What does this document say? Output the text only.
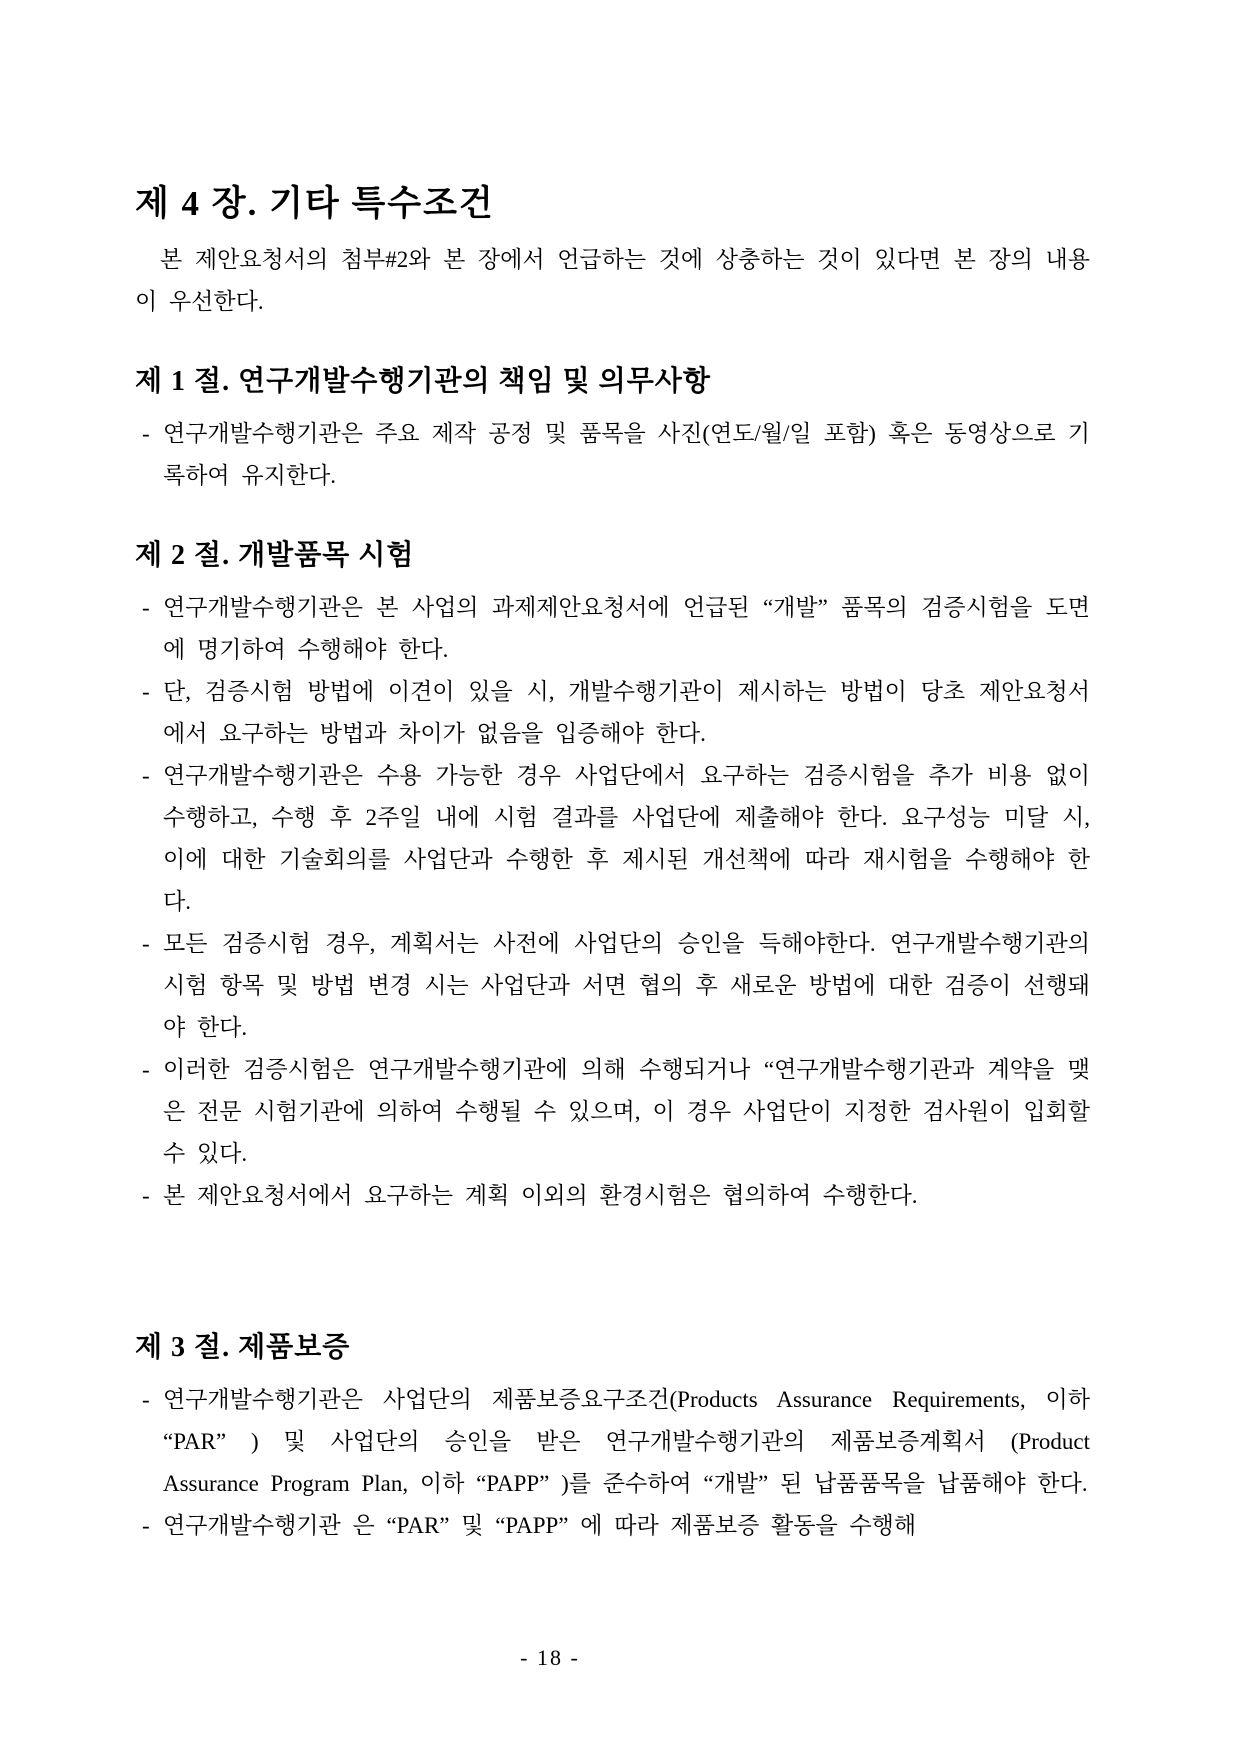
제 4 장. 기타 특수조건

본 제안요청서의 첨부#2와 본 장에서 언급하는 것에 상충하는 것이 있다면 본 장의 내용이 우선한다.

제 1 절. 연구개발수행기관의 책임 및 의무사항
- 연구개발수행기관은 주요 제작 공정 및 품목을 사진(연도/월/일 포함) 혹은 동영상으로 기록하여 유지한다.
제 2 절. 개발품목 시험
- 연구개발수행기관은 본 사업의 과제제안요청서에 언급된 “개발” 품목의 검증시험을 도면에 명기하여 수행해야 한다.
- 단, 검증시험 방법에 이견이 있을 시, 개발수행기관이 제시하는 방법이 당초 제안요청서에서 요구하는 방법과 차이가 없음을 입증해야 한다.
- 연구개발수행기관은 수용 가능한 경우 사업단에서 요구하는 검증시험을 추가 비용 없이 수행하고, 수행 후 2주일 내에 시험 결과를 사업단에 제출해야 한다. 요구성능 미달 시, 이에 대한 기술회의를 사업단과 수행한 후 제시된 개선책에 따라 재시험을 수행해야 한다.
- 모든 검증시험 경우, 계획서는 사전에 사업단의 승인을 득해야한다. 연구개발수행기관의 시험 항목 및 방법 변경 시는 사업단과 서면 협의 후 새로운 방법에 대한 검증이 선행돼야 한다.
- 이러한 검증시험은 연구개발수행기관에 의해 수행되거나 “연구개발수행기관과 계약을 맺은 전문 시험기관에 의하여 수행될 수 있으며, 이 경우 사업단이 지정한 검사원이 입회할 수 있다.
- 본 제안요청서에서 요구하는 계획 이외의 환경시험은 협의하여 수행한다.
제 3 절. 제품보증
- 연구개발수행기관은 사업단의 제품보증요구조건(Products Assurance Requirements, 이하 “PAR” ) 및 사업단의 승인을 받은 연구개발수행기관의 제품보증계획서 (Product Assurance Program Plan, 이하 “PAPP” )를 준수하여 “개발” 된 납품품목을 납품해야 한다.
- 연구개발수행기관 은 “PAR” 및 “PAPP” 에 따라 제품보증 활동을 수행해
- 18 -
